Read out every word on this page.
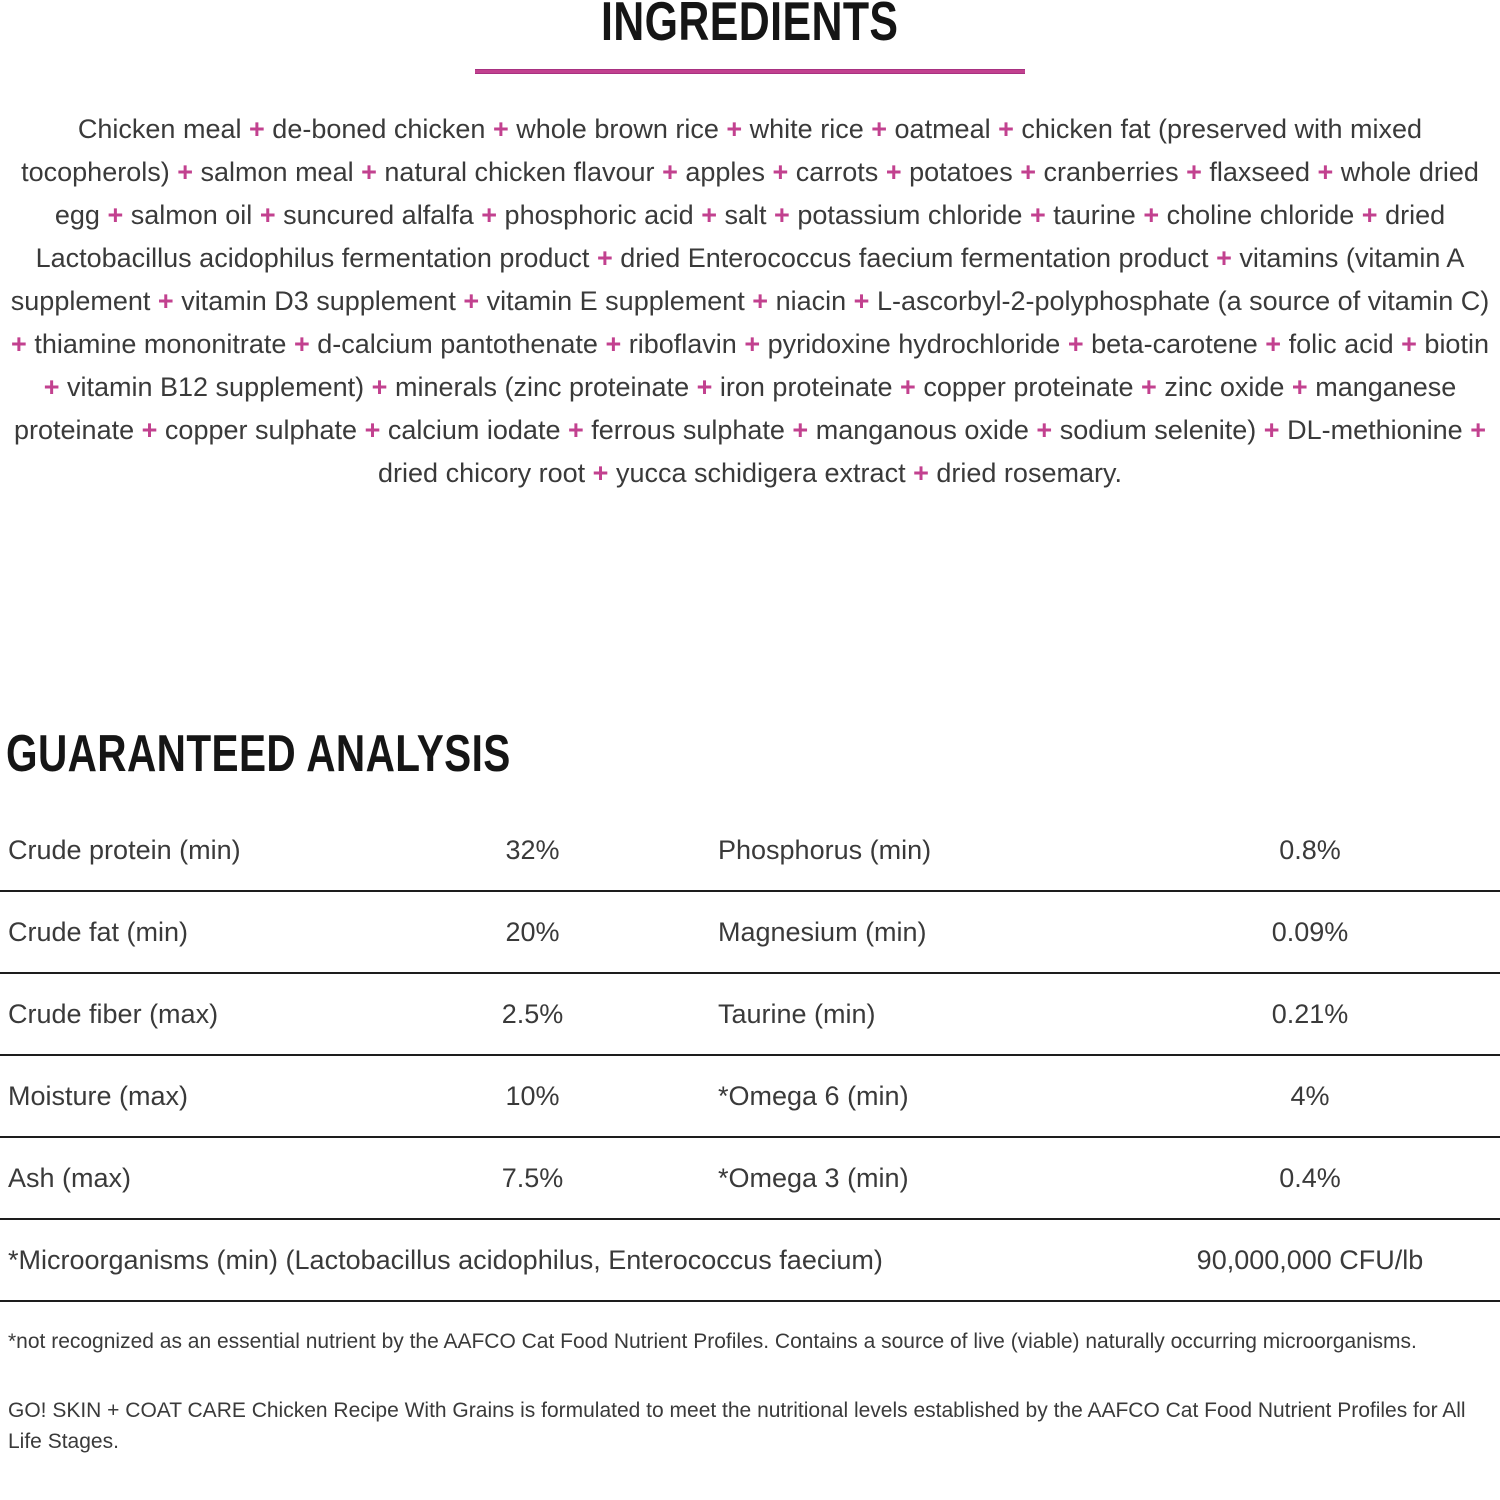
INGREDIENTS

Chicken meal + de-boned chicken + whole brown rice + white rice + oatmeal + chicken fat (preserved with mixed tocopherols) + salmon meal + natural chicken flavour + apples + carrots + potatoes + cranberries + flaxseed + whole dried egg + salmon oil + suncured alfalfa + phosphoric acid + salt + potassium chloride + taurine + choline chloride + dried Lactobacillus acidophilus fermentation product + dried Enterococcus faecium fermentation product + vitamins (vitamin A supplement + vitamin D3 supplement + vitamin E supplement + niacin + L-ascorbyl-2-polyphosphate (a source of vitamin C) + thiamine mononitrate + d-calcium pantothenate + riboflavin + pyridoxine hydrochloride + beta-carotene + folic acid + biotin + vitamin B12 supplement) + minerals (zinc proteinate + iron proteinate + copper proteinate + zinc oxide + manganese proteinate + copper sulphate + calcium iodate + ferrous sulphate + manganous oxide + sodium selenite) + DL-methionine + dried chicory root + yucca schidigera extract + dried rosemary.

GUARANTEED ANALYSIS
Crude protein (min)	32%	Phosphorus (min)	0.8%
Crude fat (min)	20%	Magnesium (min)	0.09%
Crude fiber (max)	2.5%	Taurine (min)	0.21%
Moisture (max)	10%	*Omega 6 (min)	4%
Ash (max)	7.5%	*Omega 3 (min)	0.4%
*Microorganisms (min) (Lactobacillus acidophilus, Enterococcus faecium)	90,000,000 CFU/lb

*not recognized as an essential nutrient by the AAFCO Cat Food Nutrient Profiles. Contains a source of live (viable) naturally occurring microorganisms.

GO! SKIN + COAT CARE Chicken Recipe With Grains is formulated to meet the nutritional levels established by the AAFCO Cat Food Nutrient Profiles for All Life Stages.
